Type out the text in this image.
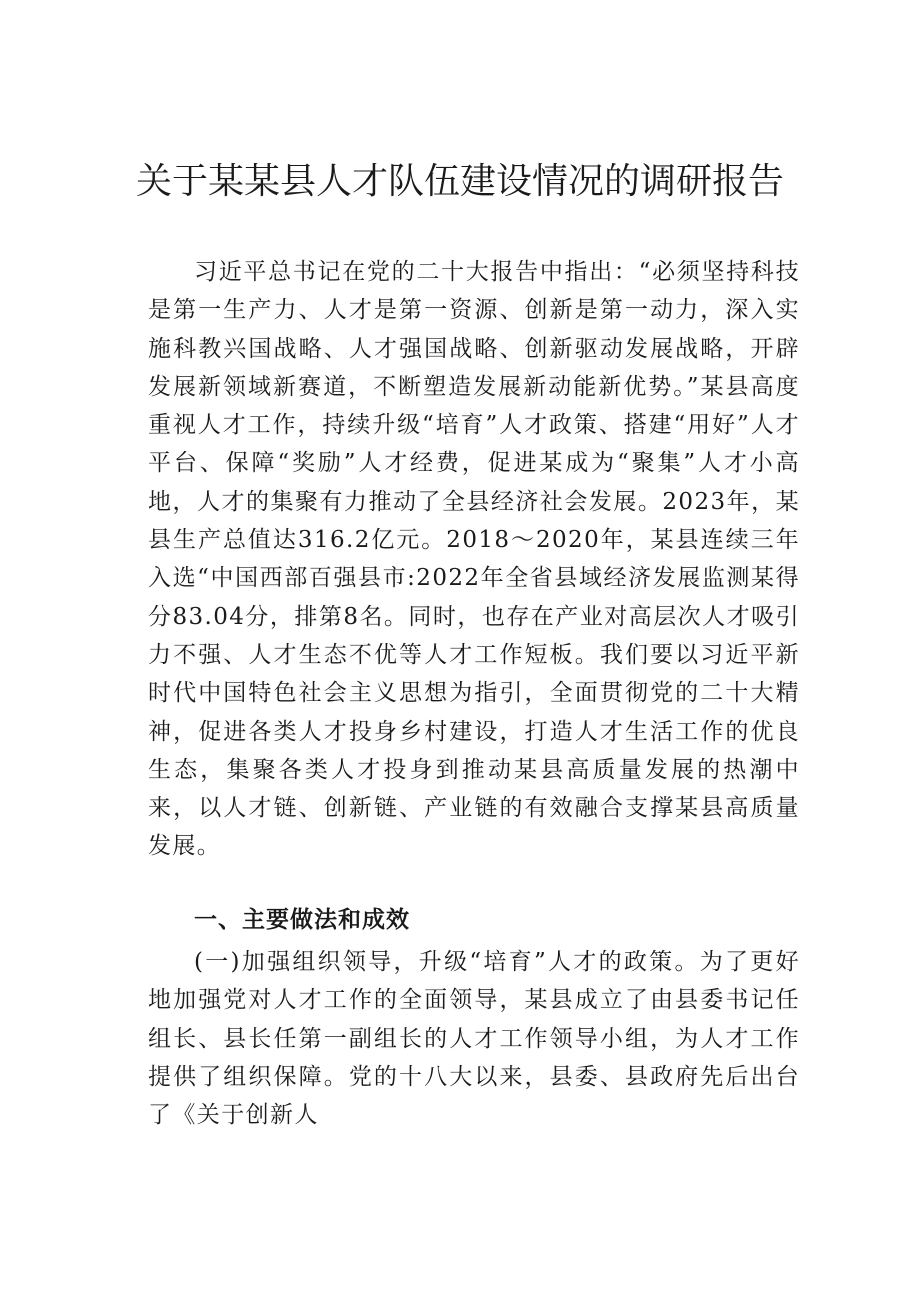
关于某某县人才队伍建设情况的调研报告

习近平总书记在党的二十大报告中指出：“必须坚持科技是第一生产力、人才是第一资源、创新是第一动力，深入实施科教兴国战略、人才强国战略、创新驱动发展战略，开辟发展新领域新赛道，不断塑造发展新动能新优势。”某县高度重视人才工作，持续升级“培育”人才政策、搭建“用好”人才平台、保障“奖励”人才经费，促进某成为“聚集”人才小高地，人才的集聚有力推动了全县经济社会发展。2023年，某县生产总值达316.2亿元。2018～2020年，某县连续三年入选“中国西部百强县市:2022年全省县域经济发展监测某得分83.04分，排第8名。同时，也存在产业对高层次人才吸引力不强、人才生态不优等人才工作短板。我们要以习近平新时代中国特色社会主义思想为指引，全面贯彻党的二十大精神，促进各类人才投身乡村建设，打造人才生活工作的优良生态，集聚各类人才投身到推动某县高质量发展的热潮中来，以人才链、创新链、产业链的有效融合支撑某县高质量发展。

一、主要做法和成效

(一)加强组织领导，升级“培育”人才的政策。为了更好地加强党对人才工作的全面领导，某县成立了由县委书记任组长、县长任第一副组长的人才工作领导小组，为人才工作提供了组织保障。党的十八大以来，县委、县政府先后出台了《关于创新人
